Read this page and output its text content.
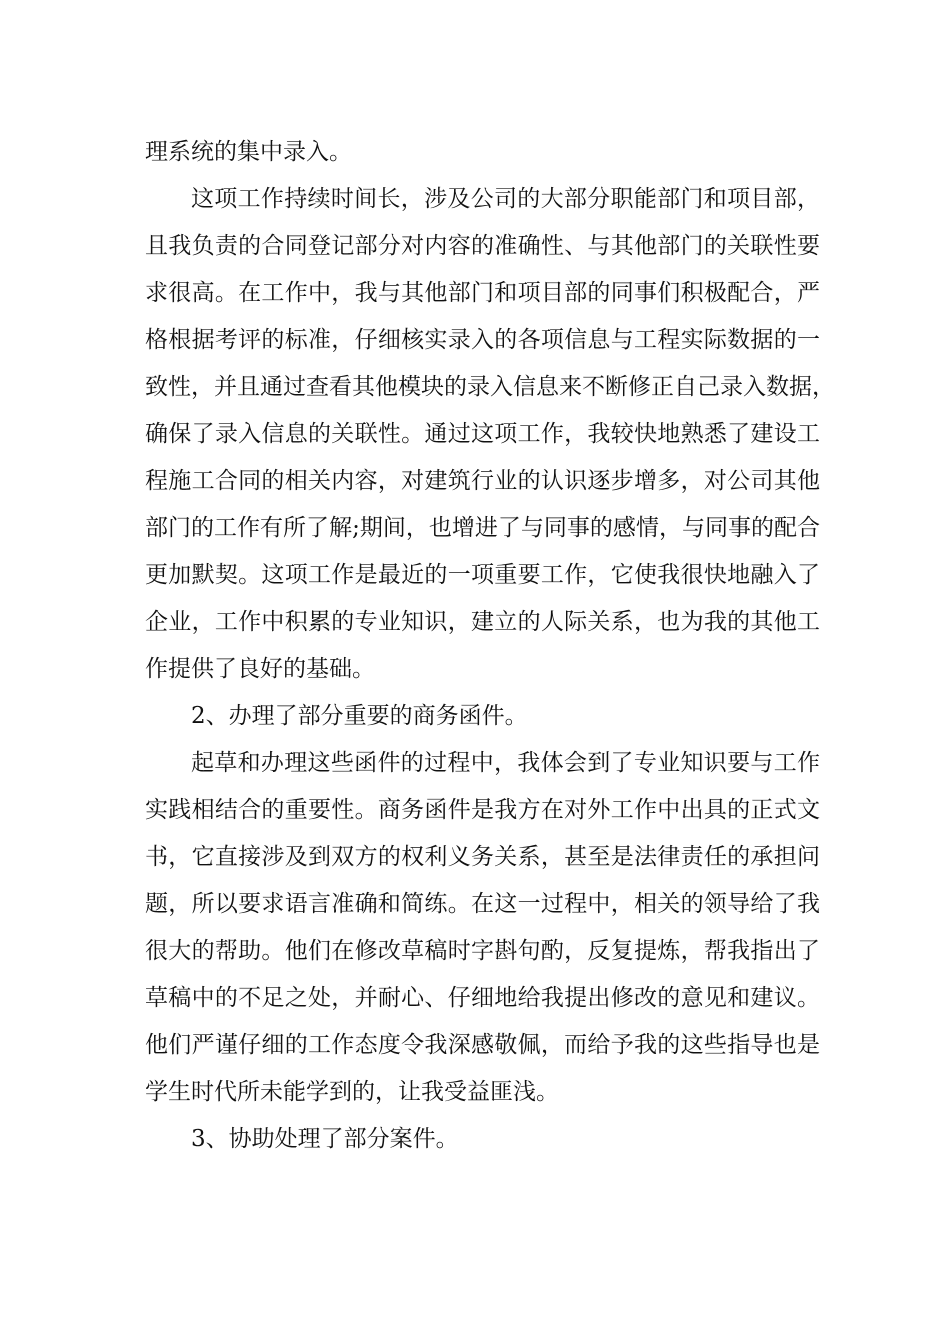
理系统的集中录入。
这项工作持续时间长，涉及公司的大部分职能部门和项目部，
且我负责的合同登记部分对内容的准确性、与其他部门的关联性要
求很高。在工作中，我与其他部门和项目部的同事们积极配合，严
格根据考评的标准，仔细核实录入的各项信息与工程实际数据的一
致性，并且通过查看其他模块的录入信息来不断修正自己录入数据，
确保了录入信息的关联性。通过这项工作，我较快地熟悉了建设工
程施工合同的相关内容，对建筑行业的认识逐步增多，对公司其他
部门的工作有所了解;期间，也增进了与同事的感情，与同事的配合
更加默契。这项工作是最近的一项重要工作，它使我很快地融入了
企业，工作中积累的专业知识，建立的人际关系，也为我的其他工
作提供了良好的基础。
2、办理了部分重要的商务函件。
起草和办理这些函件的过程中，我体会到了专业知识要与工作
实践相结合的重要性。商务函件是我方在对外工作中出具的正式文
书，它直接涉及到双方的权利义务关系，甚至是法律责任的承担问
题，所以要求语言准确和简练。在这一过程中，相关的领导给了我
很大的帮助。他们在修改草稿时字斟句酌，反复提炼，帮我指出了
草稿中的不足之处，并耐心、仔细地给我提出修改的意见和建议。
他们严谨仔细的工作态度令我深感敬佩，而给予我的这些指导也是
学生时代所未能学到的，让我受益匪浅。
3、协助处理了部分案件。
